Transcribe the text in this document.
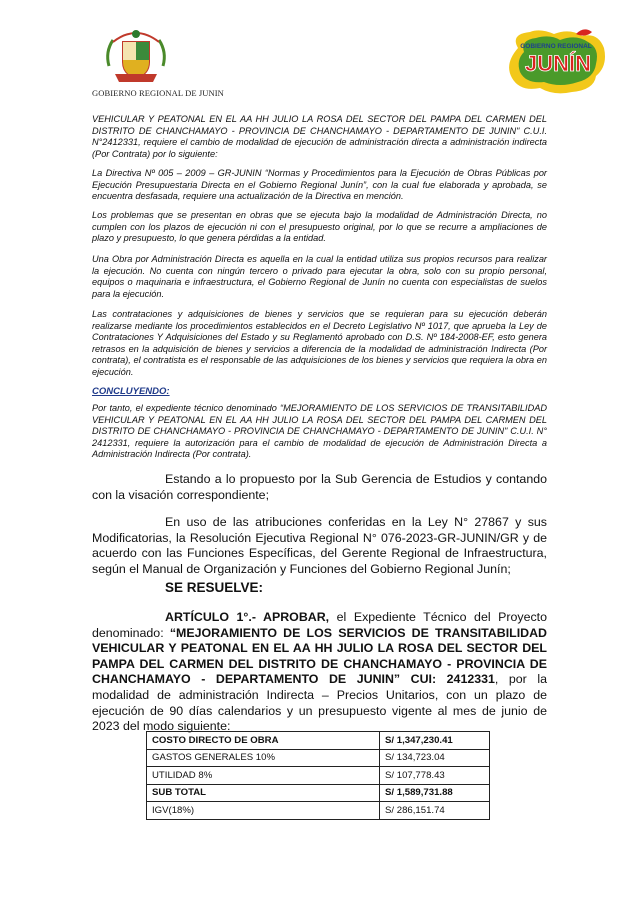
GOBIERNO REGIONAL DE JUNIN
GOBIERNO REGIONAL
JUNÍN

VEHICULAR Y PEATONAL EN EL AA HH JULIO LA ROSA DEL SECTOR DEL PAMPA DEL CARMEN DEL DISTRITO DE CHANCHAMAYO - PROVINCIA DE CHANCHAMAYO - DEPARTAMENTO DE JUNIN" C.U.I. N°2412331, requiere el cambio de modalidad de ejecución de administración directa a administración indirecta (Por Contrata) por lo siguiente:

La Directiva Nº 005 – 2009 – GR-JUNIN “Normas y Procedimientos para la Ejecución de Obras Públicas por Ejecución Presupuestaria Directa en el Gobierno Regional Junín”, con la cual fue elaborada y aprobada, se encuentra desfasada, requiere una actualización de la Directiva en mención.

Los problemas que se presentan en obras que se ejecuta bajo la modalidad de Administración Directa, no cumplen con los plazos de ejecución ni con el presupuesto original, por lo que se recurre a ampliaciones de plazo y presupuesto, lo que genera pérdidas a la entidad.

Una Obra por Administración Directa es aquella en la cual la entidad utiliza sus propios recursos para realizar la ejecución. No cuenta con ningún tercero o privado para ejecutar la obra, solo con su propio personal, equipos o maquinaria e infraestructura, el Gobierno Regional de Junín no cuenta con especialistas de suelos para la ejecución.

Las contrataciones y adquisiciones de bienes y servicios que se requieran para su ejecución deberán realizarse mediante los procedimientos establecidos en el Decreto Legislativo Nº 1017, que aprueba la Ley de Contrataciones Y Adquisiciones del Estado y su Reglamentó aprobado con D.S. Nº 184-2008-EF, esto genera retrasos en la adquisición de bienes y servicios a diferencia de la modalidad de administración Indirecta (Por contrata), el contratista es el responsable de las adquisiciones de los bienes y servicios que requiera la obra en ejecución.

CONCLUYENDO:

Por tanto, el expediente técnico denominado “MEJORAMIENTO DE LOS SERVICIOS DE TRANSITABILIDAD VEHICULAR Y PEATONAL EN EL AA HH JULIO LA ROSA DEL SECTOR DEL PAMPA DEL CARMEN DEL DISTRITO DE CHANCHAMAYO - PROVINCIA DE CHANCHAMAYO - DEPARTAMENTO DE JUNIN" C.U.I. N° 2412331, requiere la autorización para el cambio de modalidad de ejecución de Administración Directa a Administración Indirecta (Por contrata).

Estando a lo propuesto por la Sub Gerencia de Estudios y contando con la visación correspondiente;

En uso de las atribuciones conferidas en la Ley N° 27867 y sus Modificatorias, la Resolución Ejecutiva Regional N° 076-2023-GR-JUNIN/GR y de acuerdo con las Funciones Específicas, del Gerente Regional de Infraestructura, según el Manual de Organización y Funciones del Gobierno Regional Junín;

SE RESUELVE:

ARTÍCULO 1°.- APROBAR, el Expediente Técnico del Proyecto denominado: “MEJORAMIENTO DE LOS SERVICIOS DE TRANSITABILIDAD VEHICULAR Y PEATONAL EN EL AA HH JULIO LA ROSA DEL SECTOR DEL PAMPA DEL CARMEN DEL DISTRITO DE CHANCHAMAYO - PROVINCIA DE CHANCHAMAYO - DEPARTAMENTO DE JUNIN” CUI: 2412331, por la modalidad de administración Indirecta – Precios Unitarios, con un plazo de ejecución de 90 días calendarios y un presupuesto vigente al mes de junio de 2023 del modo siguiente:

COSTO DIRECTO DE OBRA	S/ 1,347,230.41
GASTOS GENERALES 10%	S/ 134,723.04
UTILIDAD 8%	S/ 107,778.43
SUB TOTAL	S/ 1,589,731.88
IGV(18%)	S/ 286,151.74
